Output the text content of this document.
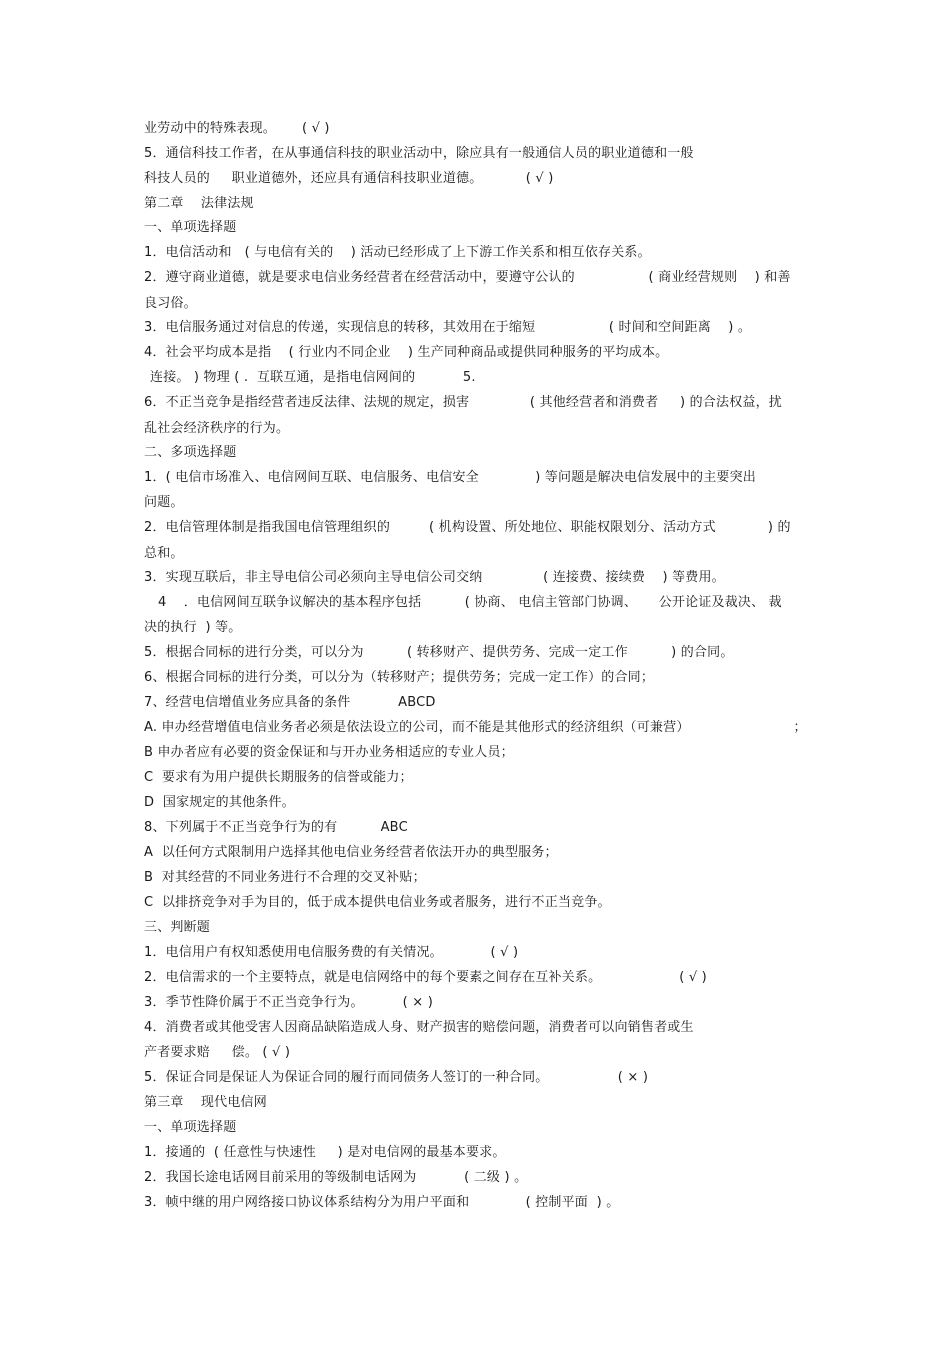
业劳动中的特殊表现。      ( √ )
5．通信科技工作者，在从事通信科技的职业活动中，除应具有一般通信人员的职业道德和一般
科技人员的     职业道德外，还应具有通信科技职业道德。          ( √ )
第二章    法律法规
一、单项选择题
1．电信活动和   ( 与电信有关的    ) 活动已经形成了上下游工作关系和相互依存关系。
2．遵守商业道德，就是要求电信业务经营者在经营活动中，要遵守公认的                 ( 商业经营规则    ) 和善
良习俗。
3．电信服务通过对信息的传递，实现信息的转移，其效用在于缩短                 ( 时间和空间距离    ) 。
4．社会平均成本是指    ( 行业内不同企业    ) 生产同种商品或提供同种服务的平均成本。
连接。 ) 物理 ( .  互联互通，是指电信网间的           5.
6．不正当竞争是指经营者违反法律、法规的规定，损害              ( 其他经营者和消费者     ) 的合法权益，扰
乱社会经济秩序的行为。
二、多项选择题
1．( 电信市场准入、电信网间互联、电信服务、电信安全             ) 等问题是解决电信发展中的主要突出
问题。
2．电信管理体制是指我国电信管理组织的         ( 机构设置、所处地位、职能权限划分、活动方式            ) 的
总和。
3．实现互联后，非主导电信公司必须向主导电信公司交纳              ( 连接费、接续费    ) 等费用。
4    ．电信网间互联争议解决的基本程序包括          ( 协商、 电信主管部门协调、     公开论证及裁决、 裁
决的执行  ) 等。
5．根据合同标的进行分类，可以分为          ( 转移财产、提供劳务、完成一定工作          ) 的合同。
6、根据合同标的进行分类，可以分为（转移财产；提供劳务；完成一定工作）的合同；
7、经营电信增值业务应具备的条件           ABCD
A. 申办经营增值电信业务者必须是依法设立的公司，而不能是其他形式的经济组织（可兼营）                        ；
B 申办者应有必要的资金保证和与开办业务相适应的专业人员；
C  要求有为用户提供长期服务的信誉或能力；
D  国家规定的其他条件。
8、下列属于不正当竞争行为的有          ABC
A  以任何方式限制用户选择其他电信业务经营者依法开办的典型服务；
B  对其经营的不同业务进行不合理的交叉补贴；
C  以排挤竞争对手为目的，低于成本提供电信业务或者服务，进行不正当竞争。
三、判断题
1．电信用户有权知悉使用电信服务费的有关情况。           ( √ )
2．电信需求的一个主要特点，就是电信网络中的每个要素之间存在互补关系。                  ( √ )
3．季节性降价属于不正当竞争行为。         ( × )
4．消费者或其他受害人因商品缺陷造成人身、财产损害的赔偿问题，消费者可以向销售者或生
产者要求赔     偿。 ( √ )
5．保证合同是保证人为保证合同的履行而同债务人签订的一种合同。                ( × )
第三章    现代电信网
一、单项选择题
1．接通的  ( 任意性与快速性     ) 是对电信网的最基本要求。
2．我国长途电话网目前采用的等级制电话网为           ( 二级 ) 。
3．帧中继的用户网络接口协议体系结构分为用户平面和             ( 控制平面  ) 。
